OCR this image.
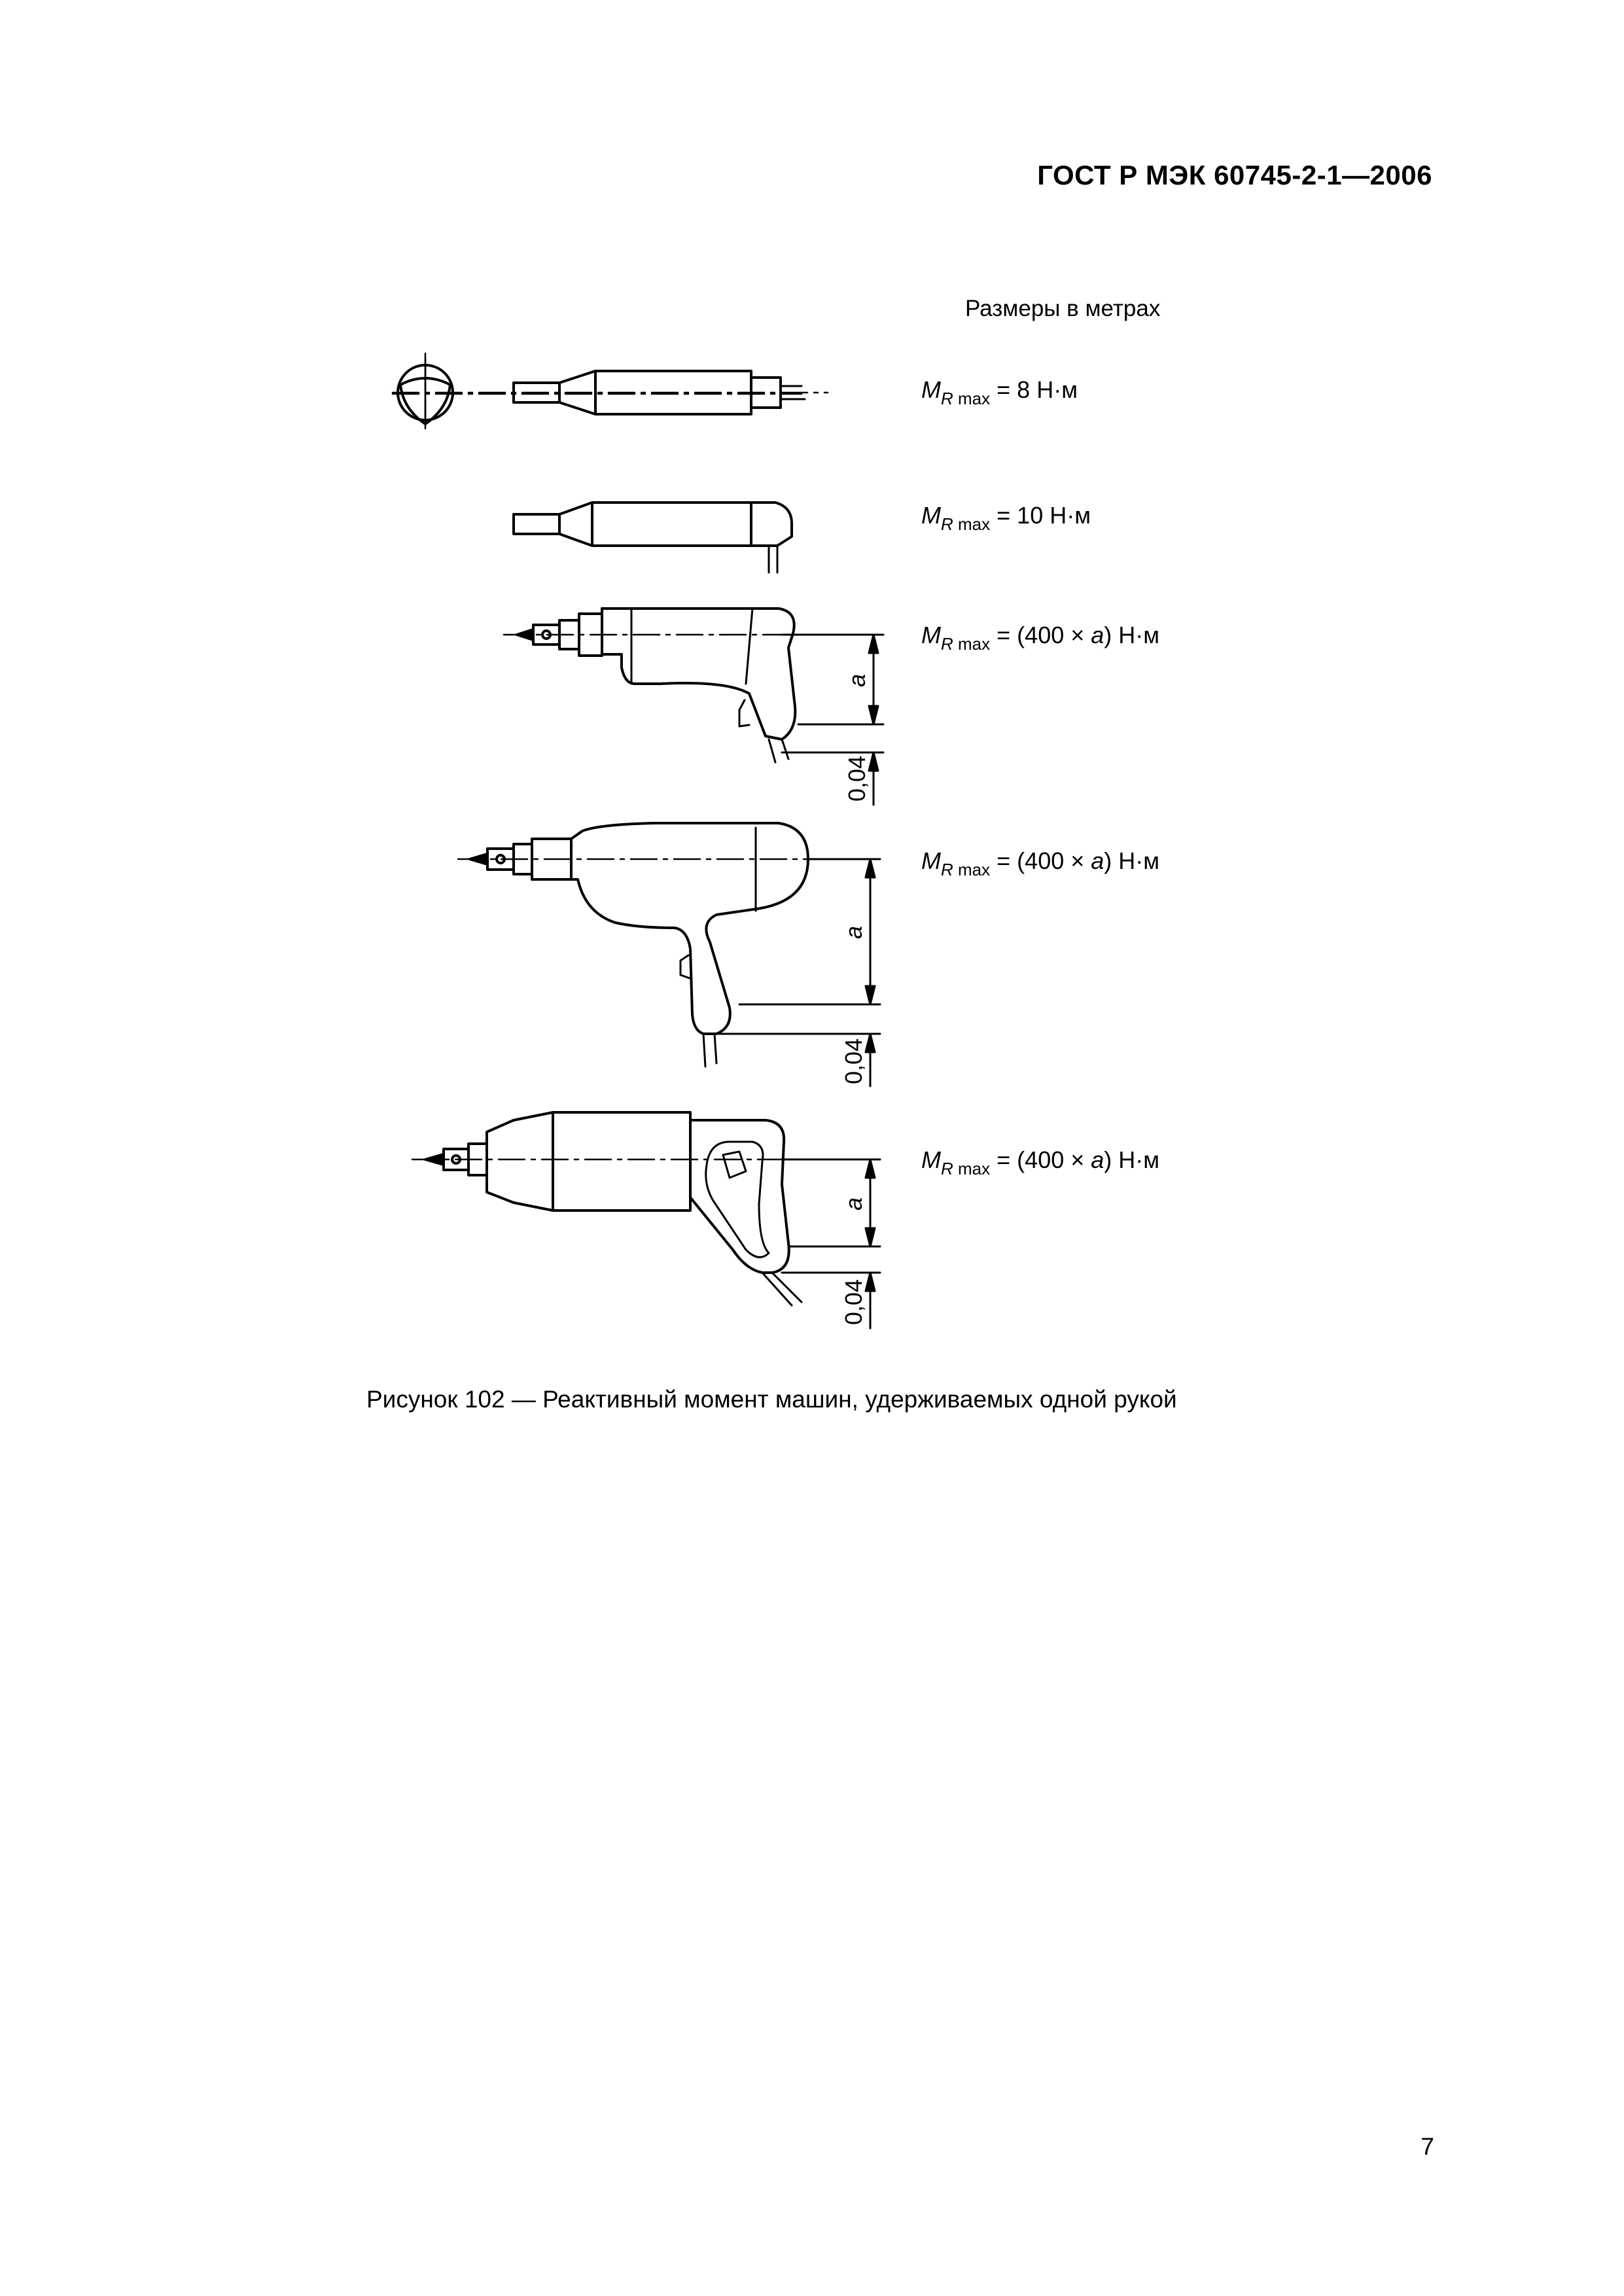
ГОСТ Р МЭК 60745-2-1—2006
Размеры в метрах
a
0,04
a
0,04
a
0,04
$M_{R max} = 8$ Н·м
$M_{R max} = 10$ Н·м
$M_{R max} = (400 \times a)$ Н·м
$M_{R max} = (400 \times a)$ Н·м
$M_{R max} = (400 \times a)$ Н·м
Рисунок 102 — Реактивный момент машин, удерживаемых одной рукой
7
